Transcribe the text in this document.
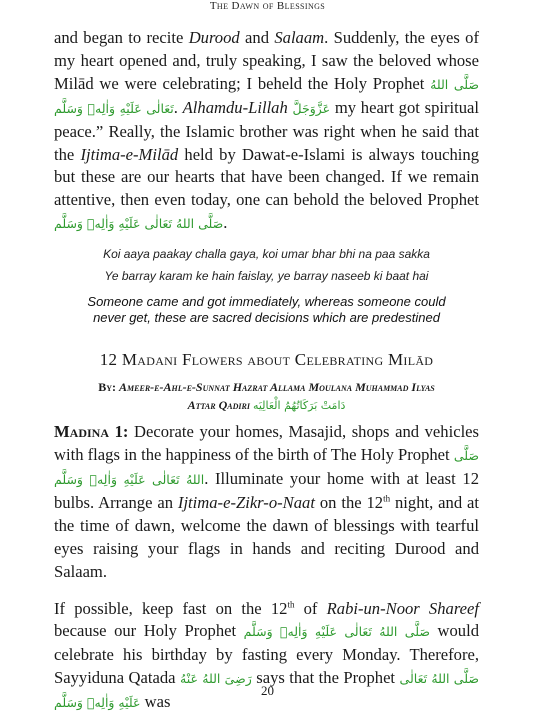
The Dawn of Blessings

and began to recite Durood and Salaam. Suddenly, the eyes of my heart opened and, truly speaking, I saw the beloved whose Milād we were celebrating; I beheld the Holy Prophet صَلَّى اللهُ تَعَالٰى عَلَيْهِ وَاٰلِهٖ وَسَلَّم. Alhamdu-Lillah عَزَّوَجَلَّ my heart got spiritual peace.” Really, the Islamic brother was right when he said that the Ijtima-e-Milād held by Dawat-e-Islami is always touching but these are our hearts that have been changed. If we remain attentive, then even today, one can behold the beloved Prophet صَلَّى اللهُ تَعَالٰى عَلَيْهِ وَاٰلِهٖ وَسَلَّم.

Koi aaya paakay challa gaya, koi umar bhar bhi na paa sakka

Ye barray karam ke hain faislay, ye barray naseeb ki baat hai

Someone came and got immediately, whereas someone could
never get, these are sacred decisions which are predestined

12 Madani Flowers about Celebrating Milād

By: Ameer-e-Ahl-e-Sunnat Hazrat Allama Moulana Muhammad Ilyas
Attar Qadiri دَامَتْ بَرَكَاتُهُمُ الْعَالِيَه

Madina 1: Decorate your homes, Masajid, shops and vehicles with flags in the happiness of the birth of The Holy Prophet صَلَّى اللهُ تَعَالٰى عَلَيْهِ وَاٰلِهٖ وَسَلَّم. Illuminate your home with at least 12 bulbs. Arrange an Ijtima-e-Zikr-o-Naat on the 12th night, and at the time of dawn, welcome the dawn of blessings with tearful eyes raising your flags in hands and reciting Durood and Salaam.

If possible, keep fast on the 12th of Rabi-un-Noor Shareef because our Holy Prophet صَلَّى اللهُ تَعَالٰى عَلَيْهِ وَاٰلِهٖ وَسَلَّم would celebrate his birthday by fasting every Monday. Therefore, Sayyiduna Qatada رَضِىَ اللهُ عَنْهُ says that the Prophet صَلَّى اللهُ تَعَالٰى عَلَيْهِ وَاٰلِهٖ وَسَلَّم was

20
